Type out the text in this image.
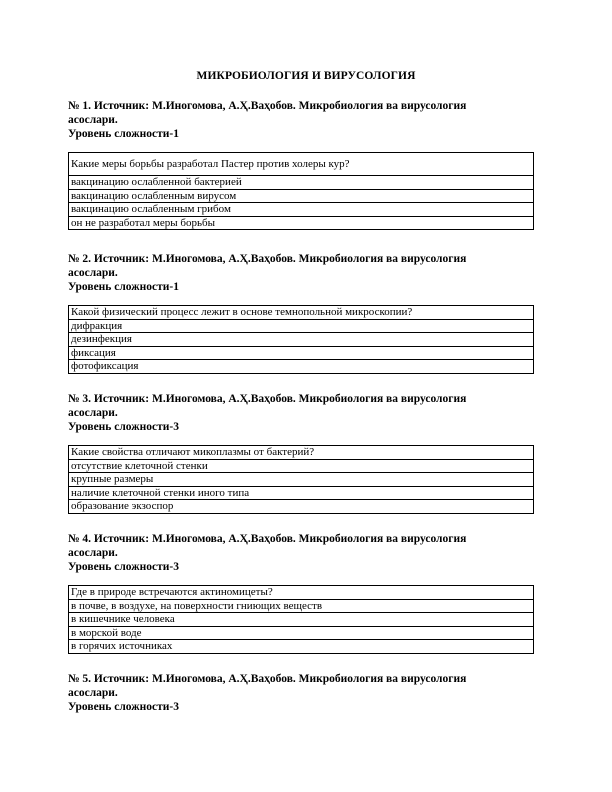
МИКРОБИОЛОГИЯ И ВИРУСОЛОГИЯ
№ 1. Источник: М.Иногомова, А.Ҳ.Ваҳобов. Микробиология ва вирусология
асослари.
Уровень сложности-1
Какие меры борьбы разработал Пастер против холеры кур?
вакцинацию ослабленной бактерией
вакцинацию ослабленным вирусом
вакцинацию ослабленным грибом
он не разработал меры борьбы
№ 2. Источник: М.Иногомова, А.Ҳ.Ваҳобов. Микробиология ва вирусология
асослари.
Уровень сложности-1
Какой физический процесс лежит в основе темнопольной микроскопии?
дифракция
дезинфекция
фиксация
фотофиксация
№ 3. Источник: М.Иногомова, А.Ҳ.Ваҳобов. Микробиология ва вирусология
асослари.
Уровень сложности-3
Какие свойства отличают микоплазмы от бактерий?
отсутствие клеточной стенки
крупные размеры
наличие клеточной стенки иного типа
образование экзоспор
№ 4. Источник: М.Иногомова, А.Ҳ.Ваҳобов. Микробиология ва вирусология
асослари.
Уровень сложности-3
Где в природе встречаются актиномицеты?
в почве, в воздухе, на поверхности гниющих веществ
в кишечнике человека
в морской воде
в горячих источниках
№ 5. Источник: М.Иногомова, А.Ҳ.Ваҳобов. Микробиология ва вирусология
асослари.
Уровень сложности-3
